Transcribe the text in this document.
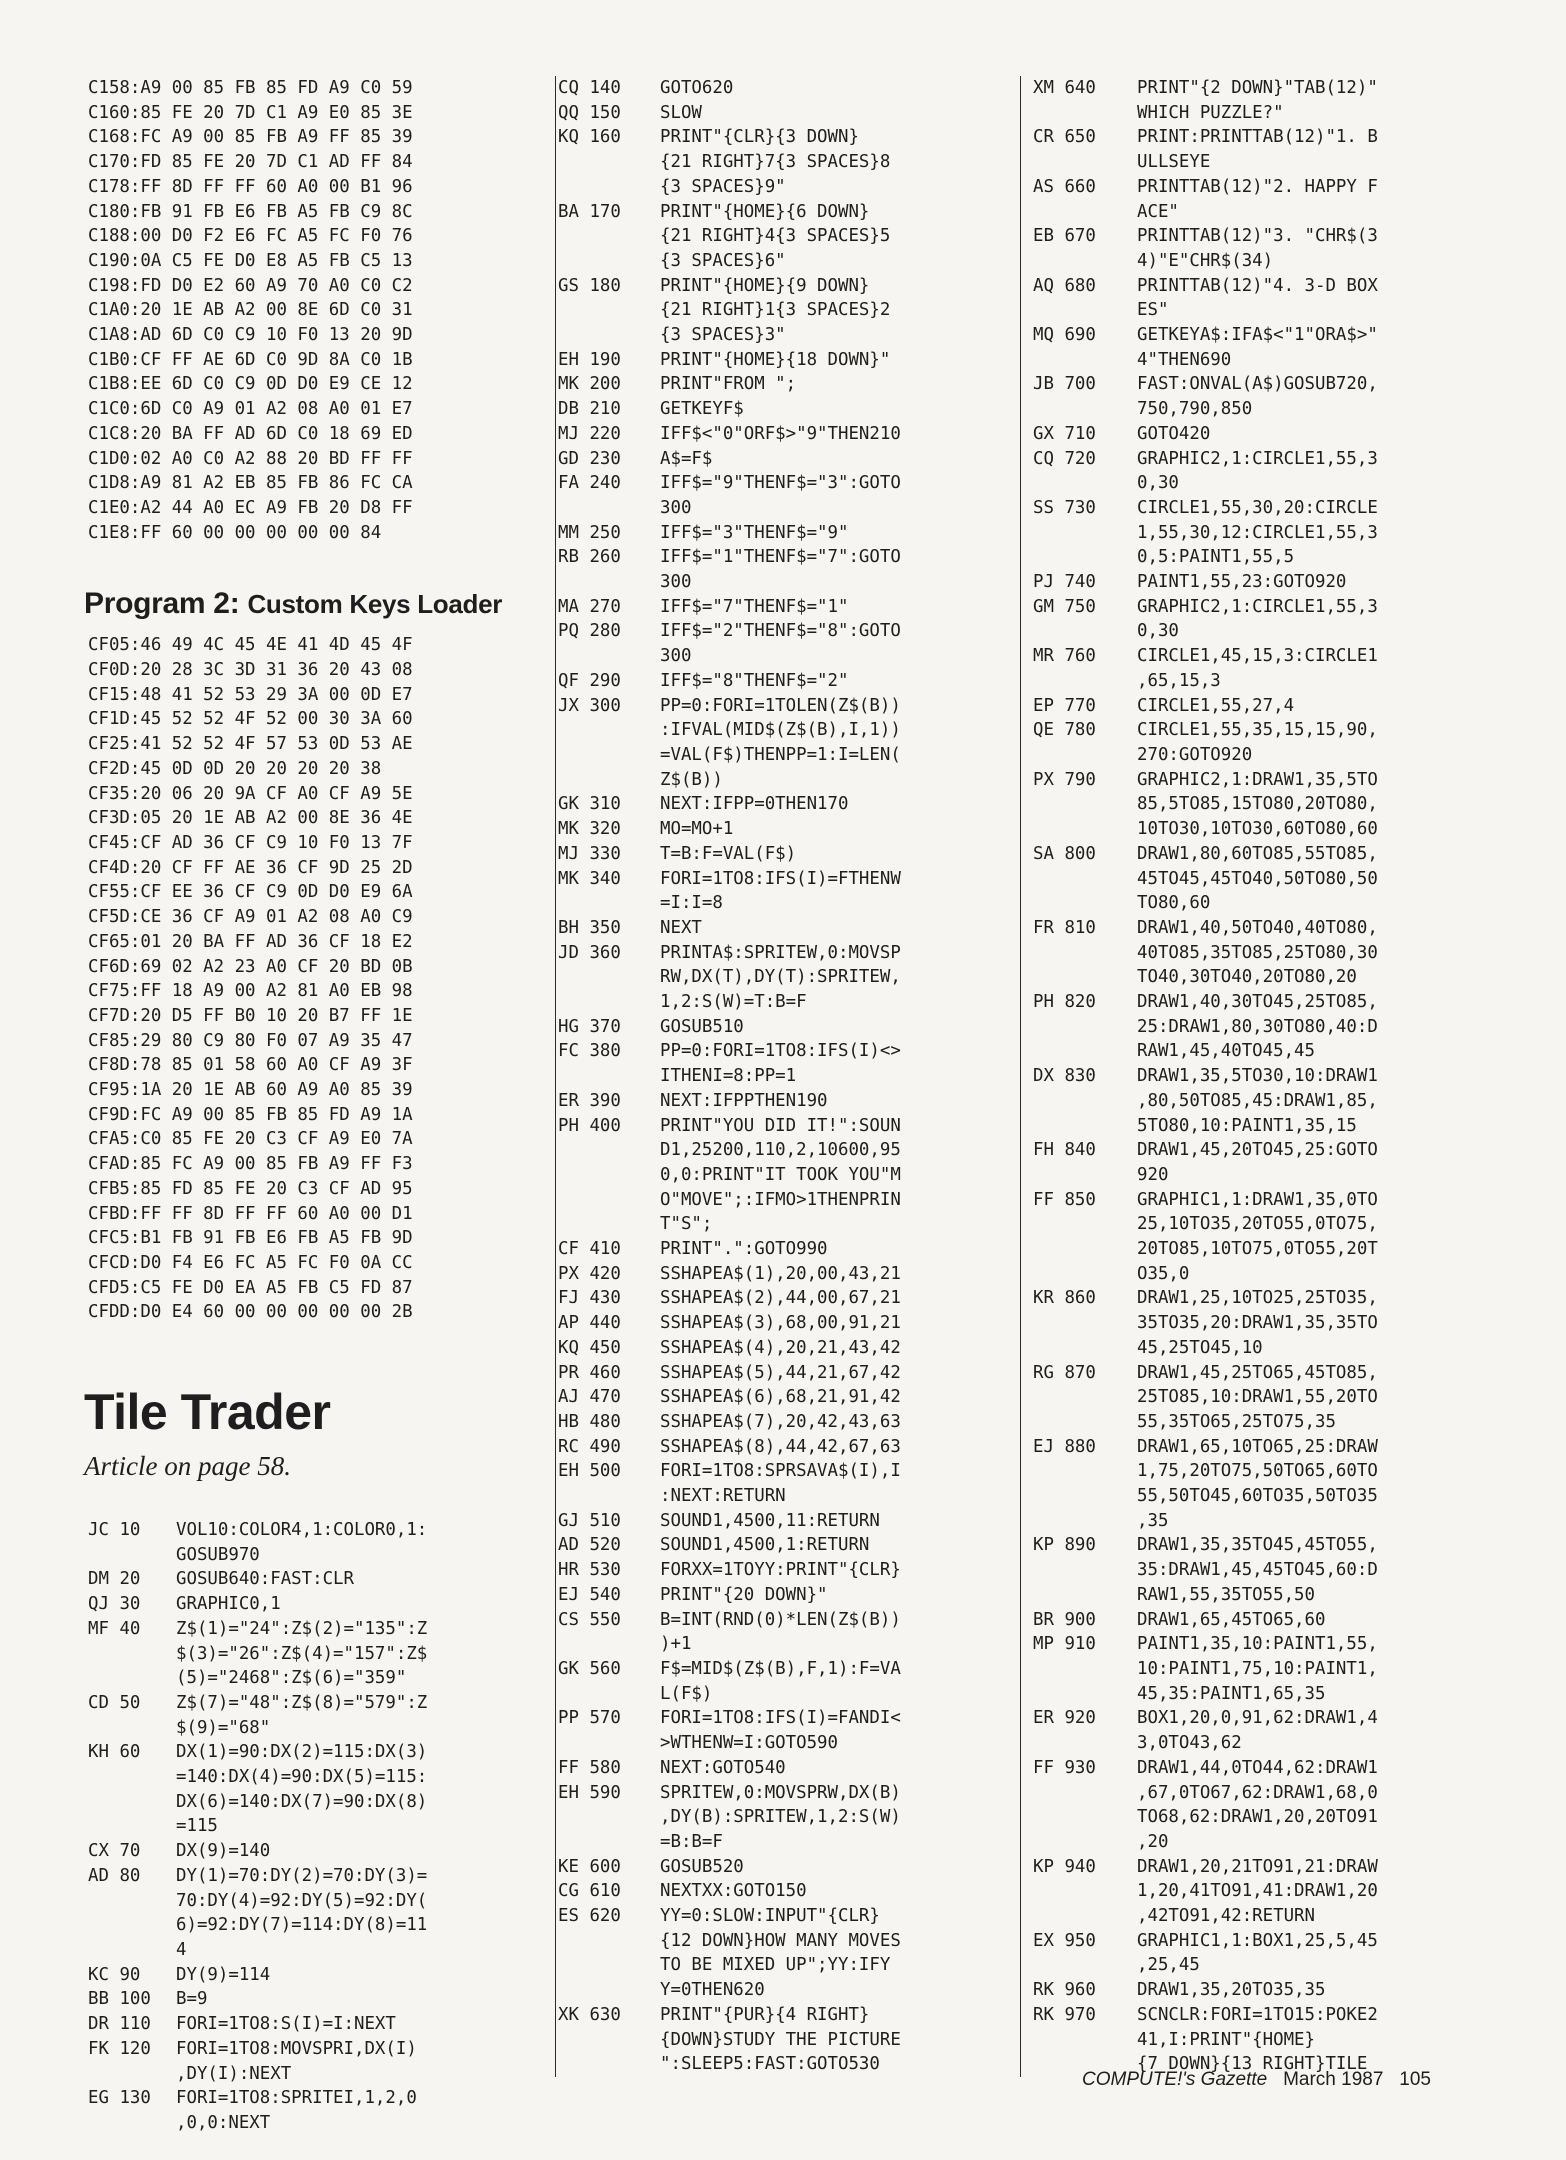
C158:A9 00 85 FB 85 FD A9 C0 59
C160:85 FE 20 7D C1 A9 E0 85 3E
C168:FC A9 00 85 FB A9 FF 85 39
C170:FD 85 FE 20 7D C1 AD FF 84
C178:FF 8D FF FF 60 A0 00 B1 96
C180:FB 91 FB E6 FB A5 FB C9 8C
C188:00 D0 F2 E6 FC A5 FC F0 76
C190:0A C5 FE D0 E8 A5 FB C5 13
C198:FD D0 E2 60 A9 70 A0 C0 C2
C1A0:20 1E AB A2 00 8E 6D C0 31
C1A8:AD 6D C0 C9 10 F0 13 20 9D
C1B0:CF FF AE 6D C0 9D 8A C0 1B
C1B8:EE 6D C0 C9 0D D0 E9 CE 12
C1C0:6D C0 A9 01 A2 08 A0 01 E7
C1C8:20 BA FF AD 6D C0 18 69 ED
C1D0:02 A0 C0 A2 88 20 BD FF FF
C1D8:A9 81 A2 EB 85 FB 86 FC CA
C1E0:A2 44 A0 EC A9 FB 20 D8 FF
C1E8:FF 60 00 00 00 00 00 84
Program 2: Custom Keys Loader
CF05:46 49 4C 45 4E 41 4D 45 4F
CF0D:20 28 3C 3D 31 36 20 43 08
CF15:48 41 52 53 29 3A 00 0D E7
CF1D:45 52 52 4F 52 00 30 3A 60
CF25:41 52 52 4F 57 53 0D 53 AE
CF2D:45 0D 0D 20 20 20 20 38
CF35:20 06 20 9A CF A0 CF A9 5E
CF3D:05 20 1E AB A2 00 8E 36 4E
CF45:CF AD 36 CF C9 10 F0 13 7F
CF4D:20 CF FF AE 36 CF 9D 25 2D
CF55:CF EE 36 CF C9 0D D0 E9 6A
CF5D:CE 36 CF A9 01 A2 08 A0 C9
CF65:01 20 BA FF AD 36 CF 18 E2
CF6D:69 02 A2 23 A0 CF 20 BD 0B
CF75:FF 18 A9 00 A2 81 A0 EB 98
CF7D:20 D5 FF B0 10 20 B7 FF 1E
CF85:29 80 C9 80 F0 07 A9 35 47
CF8D:78 85 01 58 60 A0 CF A9 3F
CF95:1A 20 1E AB 60 A9 A0 85 39
CF9D:FC A9 00 85 FB 85 FD A9 1A
CFA5:C0 85 FE 20 C3 CF A9 E0 7A
CFAD:85 FC A9 00 85 FB A9 FF F3
CFB5:85 FD 85 FE 20 C3 CF AD 95
CFBD:FF FF 8D FF FF 60 A0 00 D1
CFC5:B1 FB 91 FB E6 FB A5 FB 9D
CFCD:D0 F4 E6 FC A5 FC F0 0A CC
CFD5:C5 FE D0 EA A5 FB C5 FD 87
CFDD:D0 E4 60 00 00 00 00 00 2B
Tile Trader
Article on page 58.
JC 10	VOL10:COLOR4,1:COLOR0,1:
GOSUB970
DM 20	GOSUB640:FAST:CLR
QJ 30	GRAPHIC0,1
MF 40	Z$(1)="24":Z$(2)="135":Z
$(3)="26":Z$(4)="157":Z$
(5)="2468":Z$(6)="359"
CD 50	Z$(7)="48":Z$(8)="579":Z
$(9)="68"
KH 60	DX(1)=90:DX(2)=115:DX(3)
=140:DX(4)=90:DX(5)=115:
DX(6)=140:DX(7)=90:DX(8)
=115
CX 70	DX(9)=140
AD 80	DY(1)=70:DY(2)=70:DY(3)=
70:DY(4)=92:DY(5)=92:DY(
6)=92:DY(7)=114:DY(8)=11
4
KC 90	DY(9)=114
BB 100	B=9
DR 110	FORI=1TO8:S(I)=I:NEXT
FK 120	FORI=1TO8:MOVSPRI,DX(I)
,DY(I):NEXT
EG 130	FORI=1TO8:SPRITEI,1,2,0
,0,0:NEXT
CQ 140	GOTO620
QQ 150	SLOW
KQ 160	PRINT"{CLR}{3 DOWN}
{21 RIGHT}7{3 SPACES}8
{3 SPACES}9"
BA 170	PRINT"{HOME}{6 DOWN}
{21 RIGHT}4{3 SPACES}5
{3 SPACES}6"
GS 180	PRINT"{HOME}{9 DOWN}
{21 RIGHT}1{3 SPACES}2
{3 SPACES}3"
EH 190	PRINT"{HOME}{18 DOWN}"
MK 200	PRINT"FROM ";
DB 210	GETKEYF$
MJ 220	IFF$<"0"ORF$>"9"THEN210
GD 230	A$=F$
FA 240	IFF$="9"THENF$="3":GOTO
300
MM 250	IFF$="3"THENF$="9"
RB 260	IFF$="1"THENF$="7":GOTO
300
MA 270	IFF$="7"THENF$="1"
PQ 280	IFF$="2"THENF$="8":GOTO
300
QF 290	IFF$="8"THENF$="2"
JX 300	PP=0:FORI=1TOLEN(Z$(B))
:IFVAL(MID$(Z$(B),I,1))
=VAL(F$)THENPP=1:I=LEN(
Z$(B))
GK 310	NEXT:IFPP=0THEN170
MK 320	MO=MO+1
MJ 330	T=B:F=VAL(F$)
MK 340	FORI=1TO8:IFS(I)=FTHENW
=I:I=8
BH 350	NEXT
JD 360	PRINTA$:SPRITEW,0:MOVSP
RW,DX(T),DY(T):SPRITEW,
1,2:S(W)=T:B=F
HG 370	GOSUB510
FC 380	PP=0:FORI=1TO8:IFS(I)<>
ITHENI=8:PP=1
ER 390	NEXT:IFPPTHEN190
PH 400	PRINT"YOU DID IT!":SOUN
D1,25200,110,2,10600,95
0,0:PRINT"IT TOOK YOU"M
O"MOVE";:IFMO>1THENPRIN
T"S";
CF 410	PRINT".":GOTO990
PX 420	SSHAPEA$(1),20,00,43,21
FJ 430	SSHAPEA$(2),44,00,67,21
AP 440	SSHAPEA$(3),68,00,91,21
KQ 450	SSHAPEA$(4),20,21,43,42
PR 460	SSHAPEA$(5),44,21,67,42
AJ 470	SSHAPEA$(6),68,21,91,42
HB 480	SSHAPEA$(7),20,42,43,63
RC 490	SSHAPEA$(8),44,42,67,63
EH 500	FORI=1TO8:SPRSAVA$(I),I
:NEXT:RETURN
GJ 510	SOUND1,4500,11:RETURN
AD 520	SOUND1,4500,1:RETURN
HR 530	FORXX=1TOYY:PRINT"{CLR}
EJ 540	PRINT"{20 DOWN}"
CS 550	B=INT(RND(0)*LEN(Z$(B))
)+1
GK 560	F$=MID$(Z$(B),F,1):F=VA
L(F$)
PP 570	FORI=1TO8:IFS(I)=FANDI<
>WTHENW=I:GOTO590
FF 580	NEXT:GOTO540
EH 590	SPRITEW,0:MOVSPRW,DX(B)
,DY(B):SPRITEW,1,2:S(W)
=B:B=F
KE 600	GOSUB520
CG 610	NEXTXX:GOTO150
ES 620	YY=0:SLOW:INPUT"{CLR}
{12 DOWN}HOW MANY MOVES
TO BE MIXED UP";YY:IFY
Y=0THEN620
XK 630	PRINT"{PUR}{4 RIGHT}
{DOWN}STUDY THE PICTURE
":SLEEP5:FAST:GOTO530
XM 640	PRINT"{2 DOWN}"TAB(12)"
WHICH PUZZLE?"
CR 650	PRINT:PRINTTAB(12)"1. B
ULLSEYE
AS 660	PRINTTAB(12)"2. HAPPY F
ACE"
EB 670	PRINTTAB(12)"3. "CHR$(3
4)"E"CHR$(34)
AQ 680	PRINTTAB(12)"4. 3-D BOX
ES"
MQ 690	GETKEYA$:IFA$<"1"ORA$>"
4"THEN690
JB 700	FAST:ONVAL(A$)GOSUB720,
750,790,850
GX 710	GOTO420
CQ 720	GRAPHIC2,1:CIRCLE1,55,3
0,30
SS 730	CIRCLE1,55,30,20:CIRCLE
1,55,30,12:CIRCLE1,55,3
0,5:PAINT1,55,5
PJ 740	PAINT1,55,23:GOTO920
GM 750	GRAPHIC2,1:CIRCLE1,55,3
0,30
MR 760	CIRCLE1,45,15,3:CIRCLE1
,65,15,3
EP 770	CIRCLE1,55,27,4
QE 780	CIRCLE1,55,35,15,15,90,
270:GOTO920
PX 790	GRAPHIC2,1:DRAW1,35,5TO
85,5TO85,15TO80,20TO80,
10TO30,10TO30,60TO80,60
SA 800	DRAW1,80,60TO85,55TO85,
45TO45,45TO40,50TO80,50
TO80,60
FR 810	DRAW1,40,50TO40,40TO80,
40TO85,35TO85,25TO80,30
TO40,30TO40,20TO80,20
PH 820	DRAW1,40,30TO45,25TO85,
25:DRAW1,80,30TO80,40:D
RAW1,45,40TO45,45
DX 830	DRAW1,35,5TO30,10:DRAW1
,80,50TO85,45:DRAW1,85,
5TO80,10:PAINT1,35,15
FH 840	DRAW1,45,20TO45,25:GOTO
920
FF 850	GRAPHIC1,1:DRAW1,35,0TO
25,10TO35,20TO55,0TO75,
20TO85,10TO75,0TO55,20T
O35,0
KR 860	DRAW1,25,10TO25,25TO35,
35TO35,20:DRAW1,35,35TO
45,25TO45,10
RG 870	DRAW1,45,25TO65,45TO85,
25TO85,10:DRAW1,55,20TO
55,35TO65,25TO75,35
EJ 880	DRAW1,65,10TO65,25:DRAW
1,75,20TO75,50TO65,60TO
55,50TO45,60TO35,50TO35
,35
KP 890	DRAW1,35,35TO45,45TO55,
35:DRAW1,45,45TO45,60:D
RAW1,55,35TO55,50
BR 900	DRAW1,65,45TO65,60
MP 910	PAINT1,35,10:PAINT1,55,
10:PAINT1,75,10:PAINT1,
45,35:PAINT1,65,35
ER 920	BOX1,20,0,91,62:DRAW1,4
3,0TO43,62
FF 930	DRAW1,44,0TO44,62:DRAW1
,67,0TO67,62:DRAW1,68,0
TO68,62:DRAW1,20,20TO91
,20
KP 940	DRAW1,20,21TO91,21:DRAW
1,20,41TO91,41:DRAW1,20
,42TO91,42:RETURN
EX 950	GRAPHIC1,1:BOX1,25,5,45
,25,45
RK 960	DRAW1,35,20TO35,35
RK 970	SCNCLR:FORI=1TO15:POKE2
41,I:PRINT"{HOME}
{7 DOWN}{13 RIGHT}TILE
COMPUTE!'s Gazette March 1987 105
